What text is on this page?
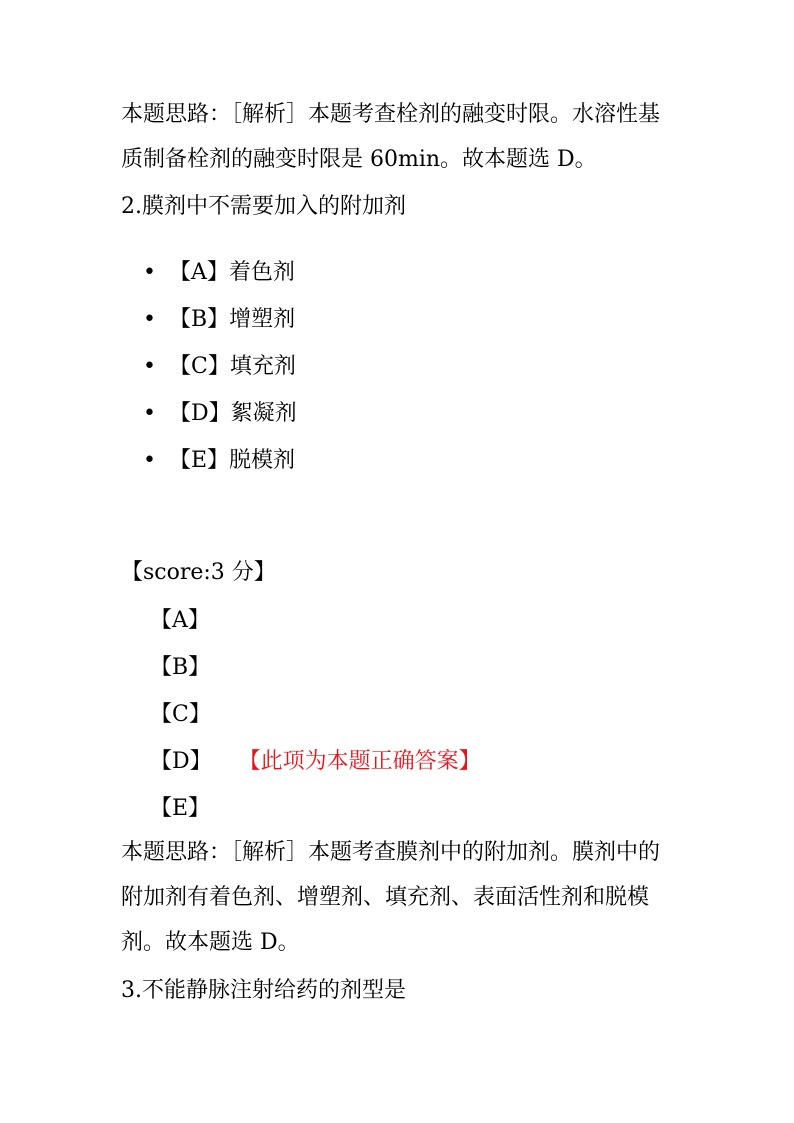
本题思路：［解析］本题考查栓剂的融变时限。水溶性基质制备栓剂的融变时限是 60min。故本题选 D。

2.膜剂中不需要加入的附加剂

• 【A】着色剂
• 【B】增塑剂
• 【C】填充剂
• 【D】絮凝剂
• 【E】脱模剂
【score:3 分】
【A】
【B】
【C】
【D】 【此项为本题正确答案】
【E】

本题思路：［解析］本题考查膜剂中的附加剂。膜剂中的附加剂有着色剂、增塑剂、填充剂、表面活性剂和脱模剂。故本题选 D。

3.不能静脉注射给药的剂型是
